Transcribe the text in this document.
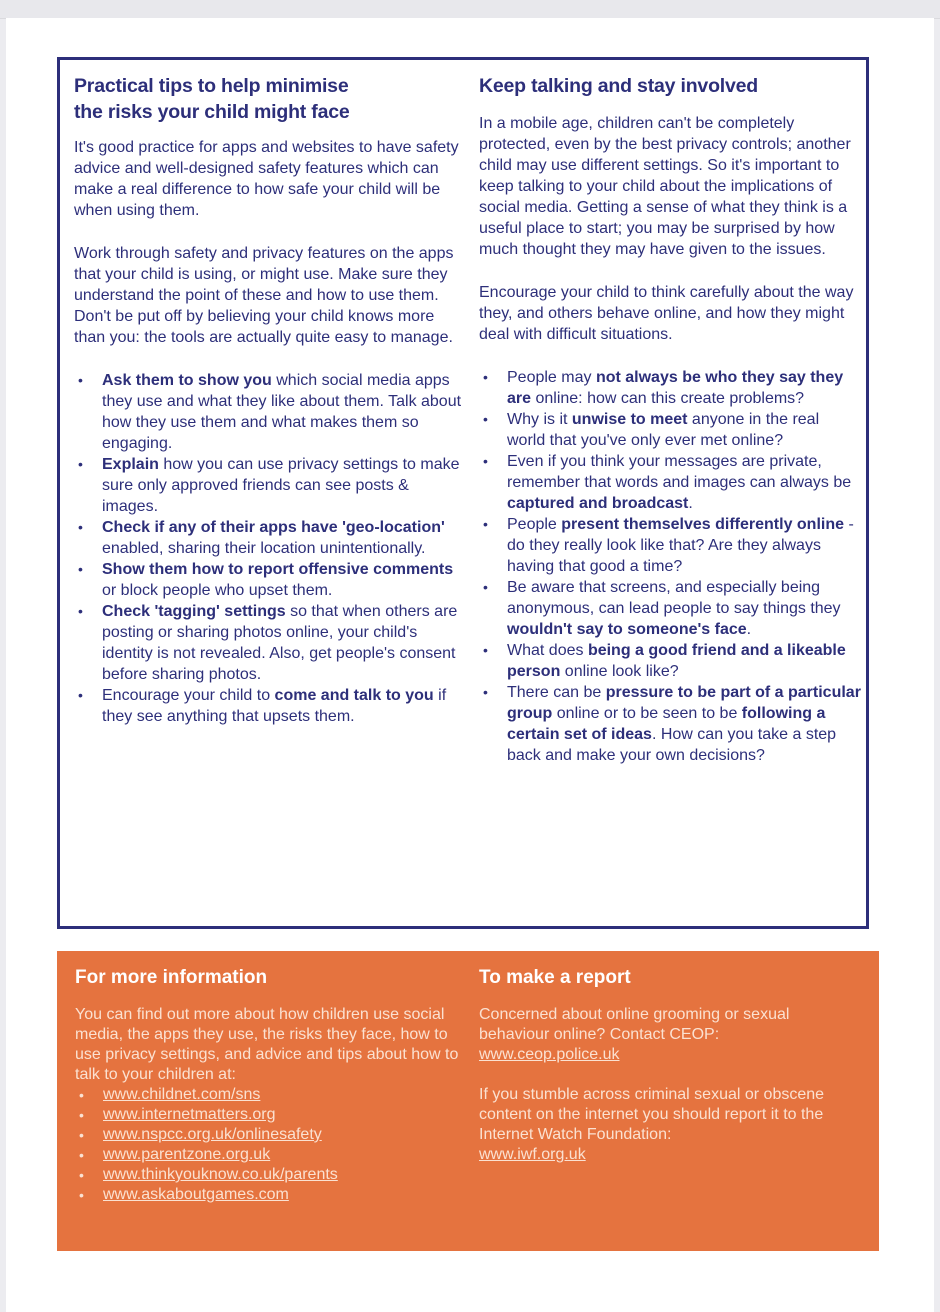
Practical tips to help minimise
the risks your child might face

It's good practice for apps and websites to have safety advice and well-designed safety features which can make a real difference to how safe your child will be when using them.

Work through safety and privacy features on the apps that your child is using, or might use. Make sure they understand the point of these and how to use them. Don't be put off by believing your child knows more than you: the tools are actually quite easy to manage.

• Ask them to show you which social media apps they use and what they like about them. Talk about how they use them and what makes them so engaging.
• Explain how you can use privacy settings to make sure only approved friends can see posts & images.
• Check if any of their apps have 'geo-location' enabled, sharing their location unintentionally.
• Show them how to report offensive comments or block people who upset them.
• Check 'tagging' settings so that when others are posting or sharing photos online, your child's identity is not revealed. Also, get people's consent before sharing photos.
• Encourage your child to come and talk to you if they see anything that upsets them.
Keep talking and stay involved

In a mobile age, children can't be completely protected, even by the best privacy controls; another child may use different settings. So it's important to keep talking to your child about the implications of social media. Getting a sense of what they think is a useful place to start; you may be surprised by how much thought they may have given to the issues.

Encourage your child to think carefully about the way they, and others behave online, and how they might deal with difficult situations.

• People may not always be who they say they are online: how can this create problems?
• Why is it unwise to meet anyone in the real world that you've only ever met online?
• Even if you think your messages are private, remember that words and images can always be captured and broadcast.
• People present themselves differently online - do they really look like that? Are they always having that good a time?
• Be aware that screens, and especially being anonymous, can lead people to say things they wouldn't say to someone's face.
• What does being a good friend and a likeable person online look like?
• There can be pressure to be part of a particular group online or to be seen to be following a certain set of ideas. How can you take a step back and make your own decisions?
For more information

You can find out more about how children use social media, the apps they use, the risks they face, how to use privacy settings, and advice and tips about how to talk to your children at:

• www.childnet.com/sns
• www.internetmatters.org
• www.nspcc.org.uk/onlinesafety
• www.parentzone.org.uk
• www.thinkyouknow.co.uk/parents
• www.askaboutgames.com
To make a report

Concerned about online grooming or sexual behaviour online? Contact CEOP:
www.ceop.police.uk

If you stumble across criminal sexual or obscene content on the internet you should report it to the Internet Watch Foundation:
www.iwf.org.uk
